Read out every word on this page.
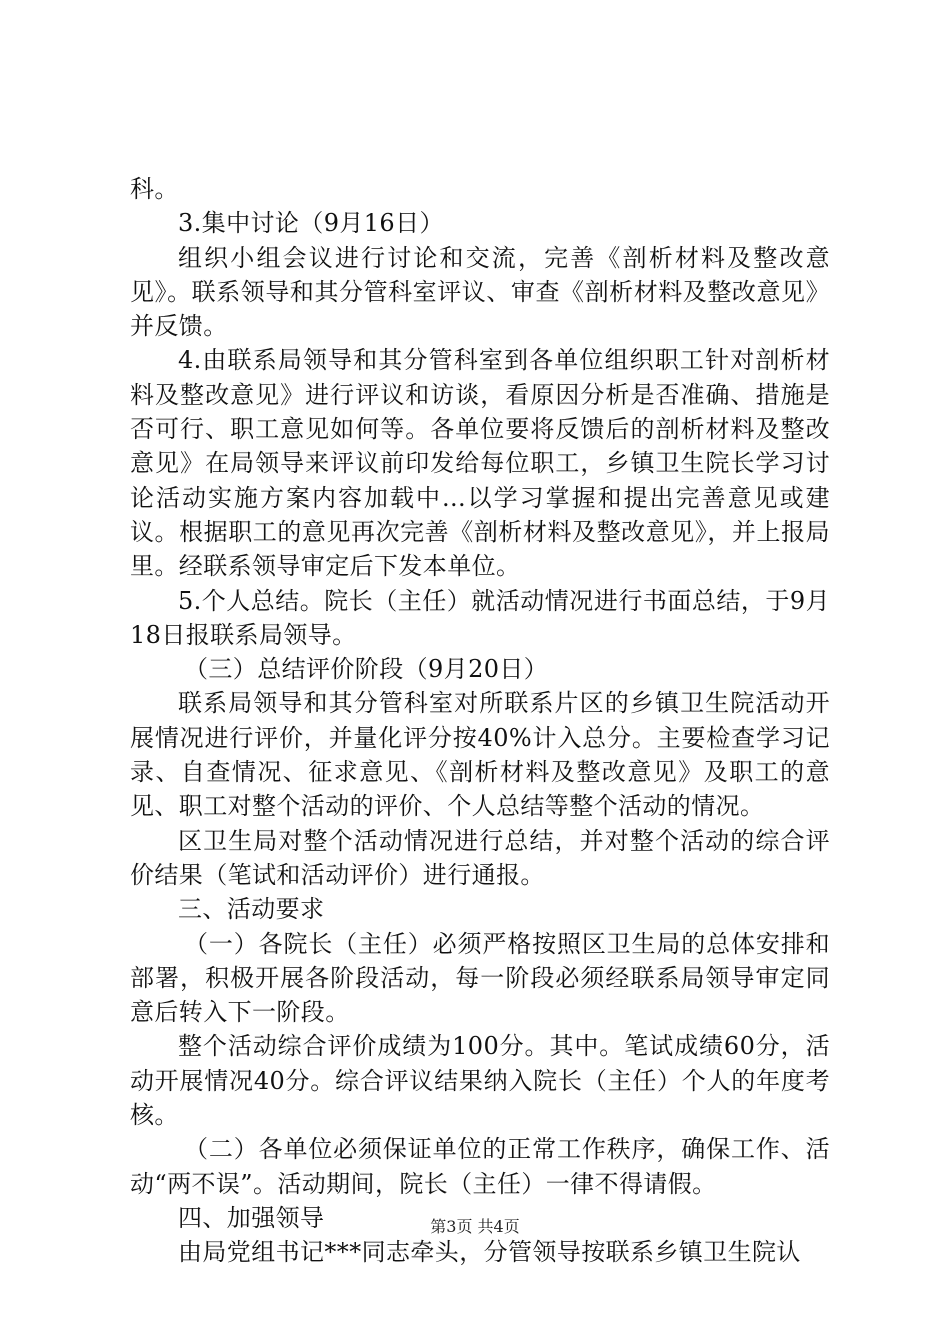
科。

3.集中讨论（9月16日）

组织小组会议进行讨论和交流，完善《剖析材料及整改意见》。联系领导和其分管科室评议、审查《剖析材料及整改意见》并反馈。

4.由联系局领导和其分管科室到各单位组织职工针对剖析材料及整改意见》进行评议和访谈，看原因分析是否准确、措施是否可行、职工意见如何等。各单位要将反馈后的剖析材料及整改意见》在局领导来评议前印发给每位职工，乡镇卫生院长学习讨论活动实施方案内容加载中...以学习掌握和提出完善意见或建议。根据职工的意见再次完善《剖析材料及整改意见》，并上报局里。经联系领导审定后下发本单位。

5.个人总结。院长（主任）就活动情况进行书面总结，于9月18日报联系局领导。

（三）总结评价阶段（9月20日）

联系局领导和其分管科室对所联系片区的乡镇卫生院活动开展情况进行评价，并量化评分按40%计入总分。主要检查学习记录、自查情况、征求意见、《剖析材料及整改意见》及职工的意见、职工对整个活动的评价、个人总结等整个活动的情况。

区卫生局对整个活动情况进行总结，并对整个活动的综合评价结果（笔试和活动评价）进行通报。

三、活动要求

（一）各院长（主任）必须严格按照区卫生局的总体安排和部署，积极开展各阶段活动，每一阶段必须经联系局领导审定同意后转入下一阶段。

整个活动综合评价成绩为100分。其中。笔试成绩60分，活动开展情况40分。综合评议结果纳入院长（主任）个人的年度考核。

（二）各单位必须保证单位的正常工作秩序，确保工作、活动“两不误”。活动期间，院长（主任）一律不得请假。

四、加强领导

由局党组书记***同志牵头，分管领导按联系乡镇卫生院认

第3页 共4页
